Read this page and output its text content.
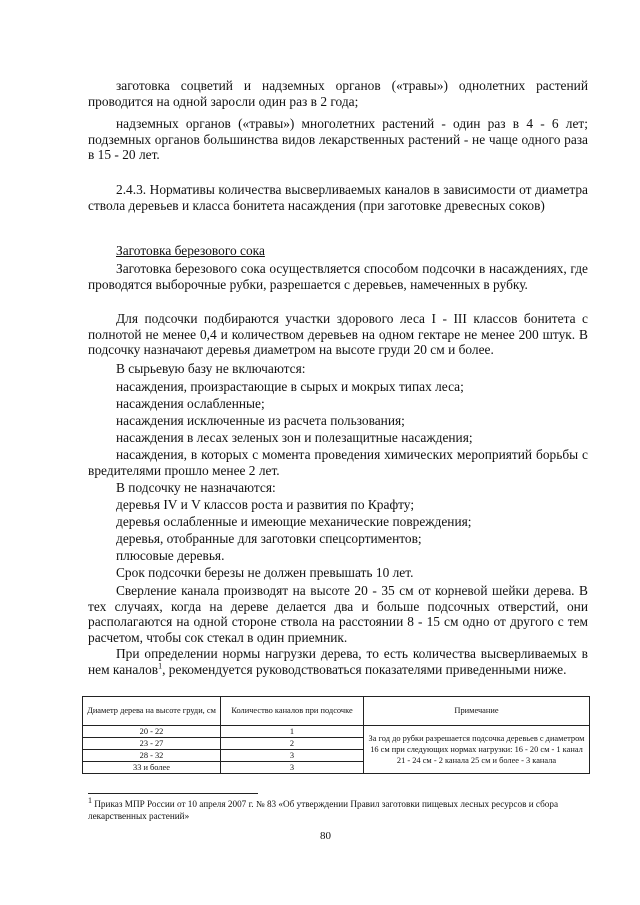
заготовка соцветий и надземных органов («травы») однолетних растений проводится на одной заросли один раз в 2 года;

надземных органов («травы») многолетних растений - один раз в 4 - 6 лет; подземных органов большинства видов лекарственных растений - не чаще одного раза в 15 - 20 лет.

2.4.3. Нормативы количества высверливаемых каналов в зависимости от диаметра ствола деревьев и класса бонитета насаждения (при заготовке древесных соков)

Заготовка березового сока

Заготовка березового сока осуществляется способом подсочки в насаждениях, где проводятся выборочные рубки, разрешается с деревьев, намеченных в рубку.

Для подсочки подбираются участки здорового леса I - III классов бонитета с полнотой не менее 0,4 и количеством деревьев на одном гектаре не менее 200 штук. В подсочку назначают деревья диаметром на высоте груди 20 см и более.

В сырьевую базу не включаются:

насаждения, произрастающие в сырых и мокрых типах леса;

насаждения ослабленные;

насаждения исключенные из расчета пользования;

насаждения в лесах зеленых зон и полезащитные насаждения;

насаждения, в которых с момента проведения химических мероприятий борьбы с вредителями прошло менее 2 лет.

В подсочку не назначаются:

деревья IV и V классов роста и развития по Крафту;

деревья ослабленные и имеющие механические повреждения;

деревья, отобранные для заготовки спецсортиментов;

плюсовые деревья.

Срок подсочки березы не должен превышать 10 лет.

Сверление канала производят на высоте 20 - 35 см от корневой шейки дерева. В тех случаях, когда на дереве делается два и больше подсочных отверстий, они располагаются на одной стороне ствола на расстоянии 8 - 15 см одно от другого с тем расчетом, чтобы сок стекал в один приемник.

При определении нормы нагрузки дерева, то есть количества высверливаемых в нем каналов$^1$, рекомендуется руководствоваться показателями приведенными ниже.

Диаметр дерева на высоте груди, см	Количество каналов при подсочке	Примечание
20 - 22	1	За год до рубки разрешается подсочка деревьев с диаметром 16 см при следующих нормах нагрузки: 16 - 20 см - 1 канал 21 - 24 см - 2 канала 25 см и более - 3 канала
23 - 27	2	
28 - 32	3	
33 и более	3	

$^1$ Приказ МПР России от 10 апреля 2007 г. № 83 «Об утверждении Правил заготовки пищевых лесных ресурсов и сбора лекарственных растений»

80
